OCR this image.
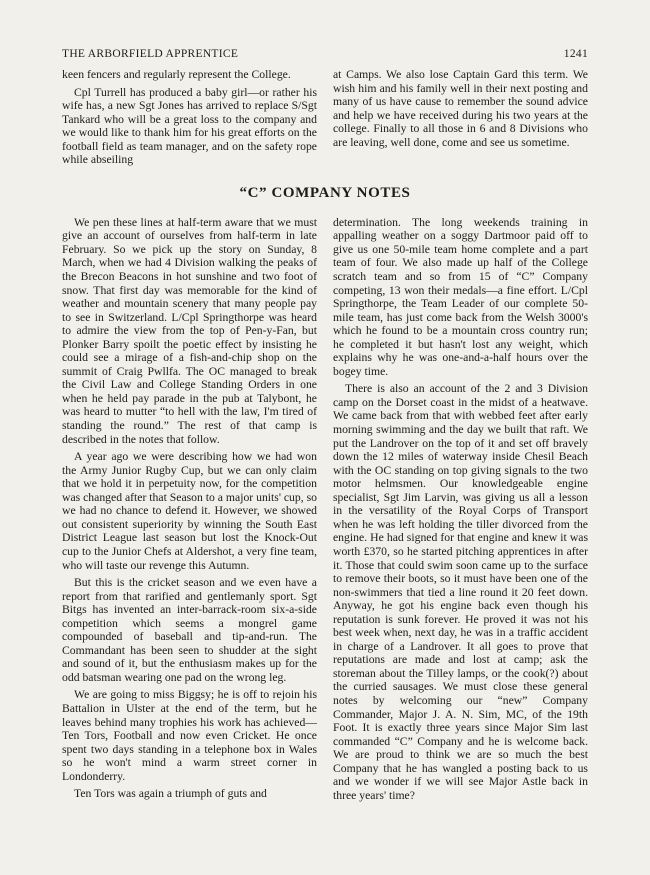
THE ARBORFIELD APPRENTICE	1241

keen fencers and regularly represent the College.

Cpl Turrell has produced a baby girl—or rather his wife has, a new Sgt Jones has arrived to replace S/Sgt Tankard who will be a great loss to the company and we would like to thank him for his great efforts on the football field as team manager, and on the safety rope while abseiling

at Camps. We also lose Captain Gard this term. We wish him and his family well in their next posting and many of us have cause to remember the sound advice and help we have received during his two years at the college. Finally to all those in 6 and 8 Divisions who are leaving, well done, come and see us sometime.

“C” COMPANY NOTES

We pen these lines at half-term aware that we must give an account of ourselves from half-term in late February. So we pick up the story on Sunday, 8 March, when we had 4 Division walking the peaks of the Brecon Beacons in hot sunshine and two foot of snow. That first day was memorable for the kind of weather and mountain scenery that many people pay to see in Switzerland. L/Cpl Springthorpe was heard to admire the view from the top of Pen-y-Fan, but Plonker Barry spoilt the poetic effect by insisting he could see a mirage of a fish-and-chip shop on the summit of Craig Pwllfa. The OC managed to break the Civil Law and College Standing Orders in one when he held pay parade in the pub at Talybont, he was heard to mutter “to hell with the law, I'm tired of standing the round.” The rest of that camp is described in the notes that follow.

A year ago we were describing how we had won the Army Junior Rugby Cup, but we can only claim that we hold it in perpetuity now, for the competition was changed after that Season to a major units' cup, so we had no chance to defend it. However, we showed out consistent superiority by winning the South East District League last season but lost the Knock-Out cup to the Junior Chefs at Aldershot, a very fine team, who will taste our revenge this Autumn.

But this is the cricket season and we even have a report from that rarified and gentlemanly sport. Sgt Bitgs has invented an inter-barrack-room six-a-side competition which seems a mongrel game compounded of baseball and tip-and-run. The Commandant has been seen to shudder at the sight and sound of it, but the enthusiasm makes up for the odd batsman wearing one pad on the wrong leg.

We are going to miss Biggsy; he is off to rejoin his Battalion in Ulster at the end of the term, but he leaves behind many trophies his work has achieved—Ten Tors, Football and now even Cricket. He once spent two days standing in a telephone box in Wales so he won't mind a warm street corner in Londonderry.

Ten Tors was again a triumph of guts and

determination. The long weekends training in appalling weather on a soggy Dartmoor paid off to give us one 50-mile team home complete and a part team of four. We also made up half of the College scratch team and so from 15 of “C” Company competing, 13 won their medals—a fine effort. L/Cpl Springthorpe, the Team Leader of our complete 50-mile team, has just come back from the Welsh 3000's which he found to be a mountain cross country run; he completed it but hasn't lost any weight, which explains why he was one-and-a-half hours over the bogey time.

There is also an account of the 2 and 3 Division camp on the Dorset coast in the midst of a heatwave. We came back from that with webbed feet after early morning swimming and the day we built that raft. We put the Landrover on the top of it and set off bravely down the 12 miles of waterway inside Chesil Beach with the OC standing on top giving signals to the two motor helmsmen. Our knowledgeable engine specialist, Sgt Jim Larvin, was giving us all a lesson in the versatility of the Royal Corps of Transport when he was left holding the tiller divorced from the engine. He had signed for that engine and knew it was worth £370, so he started pitching apprentices in after it. Those that could swim soon came up to the surface to remove their boots, so it must have been one of the non-swimmers that tied a line round it 20 feet down. Anyway, he got his engine back even though his reputation is sunk forever. He proved it was not his best week when, next day, he was in a traffic accident in charge of a Landrover. It all goes to prove that reputations are made and lost at camp; ask the storeman about the Tilley lamps, or the cook(?) about the curried sausages. We must close these general notes by welcoming our “new” Company Commander, Major J. A. N. Sim, MC, of the 19th Foot. It is exactly three years since Major Sim last commanded “C” Company and he is welcome back. We are proud to think we are so much the best Company that he has wangled a posting back to us and we wonder if we will see Major Astle back in three years' time?
